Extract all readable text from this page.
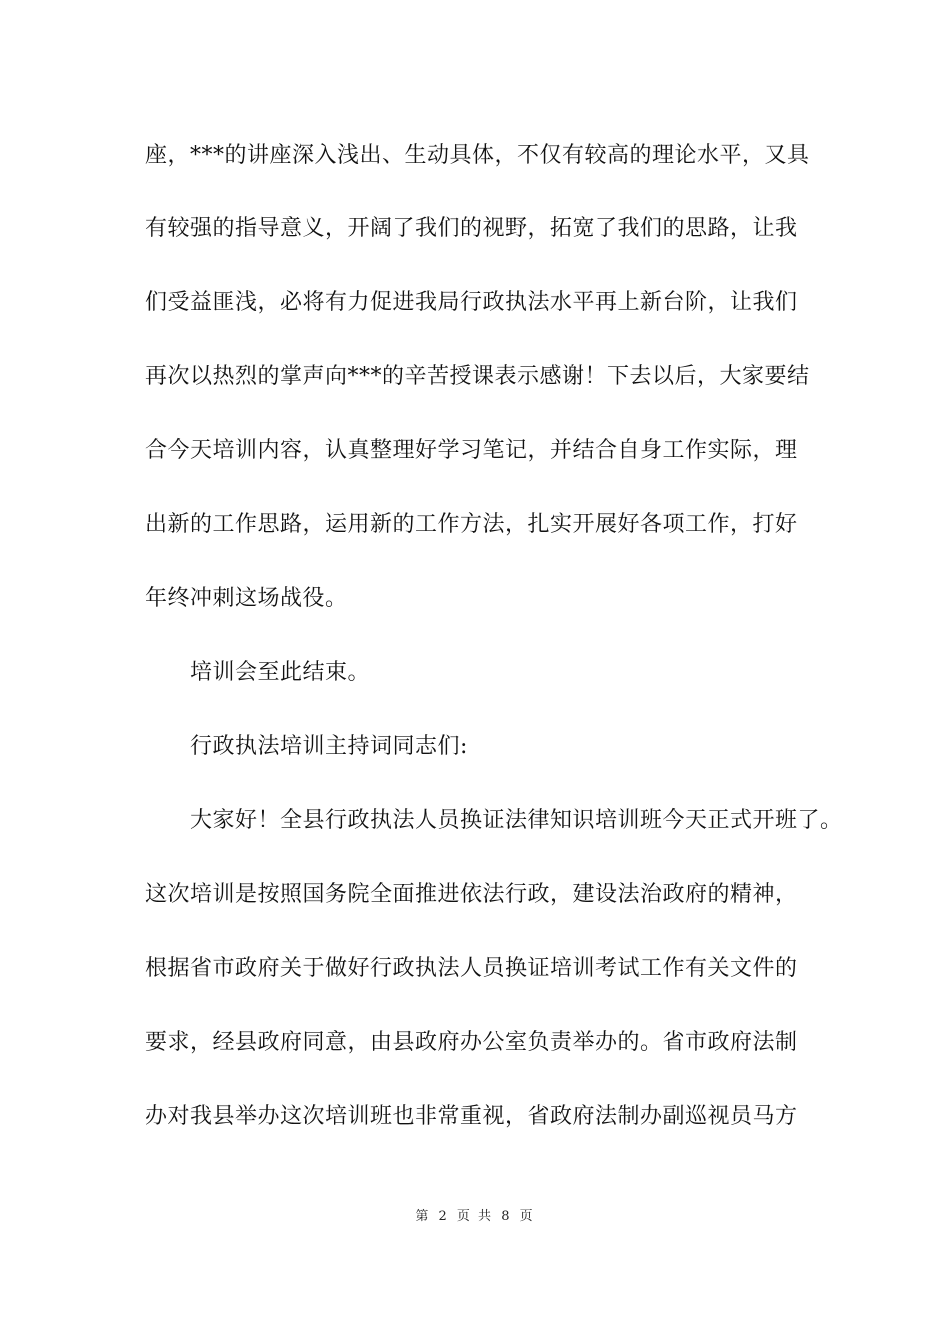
座，***的讲座深入浅出、生动具体，不仅有较高的理论水平，又具
有较强的指导意义，开阔了我们的视野，拓宽了我们的思路，让我
们受益匪浅，必将有力促进我局行政执法水平再上新台阶，让我们
再次以热烈的掌声向***的辛苦授课表示感谢！下去以后，大家要结
合今天培训内容，认真整理好学习笔记，并结合自身工作实际，理
出新的工作思路，运用新的工作方法，扎实开展好各项工作，打好
年终冲刺这场战役。
培训会至此结束。
行政执法培训主持词同志们:
大家好！全县行政执法人员换证法律知识培训班今天正式开班了。
这次培训是按照国务院全面推进依法行政，建设法治政府的精神，
根据省市政府关于做好行政执法人员换证培训考试工作有关文件的
要求，经县政府同意，由县政府办公室负责举办的。省市政府法制
办对我县举办这次培训班也非常重视，省政府法制办副巡视员马方
第 2 页 共 8 页
